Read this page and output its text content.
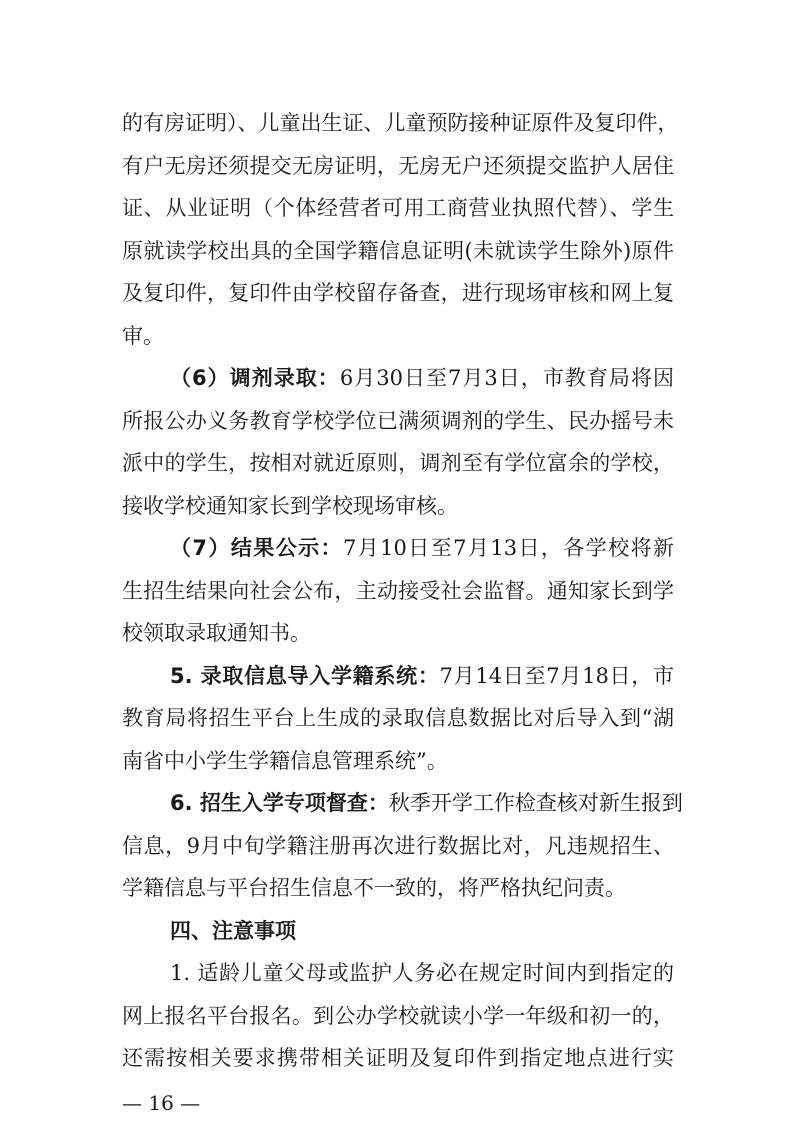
的有房证明）、儿童出生证、儿童预防接种证原件及复印件，
有户无房还须提交无房证明，无房无户还须提交监护人居住
证、从业证明（个体经营者可用工商营业执照代替）、学生
原就读学校出具的全国学籍信息证明(未就读学生除外)原件
及复印件，复印件由学校留存备查，进行现场审核和网上复
审。
（6）调剂录取：6月30日至7月3日，市教育局将因
所报公办义务教育学校学位已满须调剂的学生、民办摇号未
派中的学生，按相对就近原则，调剂至有学位富余的学校，
接收学校通知家长到学校现场审核。
（7）结果公示：7月10日至7月13日，各学校将新
生招生结果向社会公布，主动接受社会监督。通知家长到学
校领取录取通知书。
5. 录取信息导入学籍系统：7月14日至7月18日，市
教育局将招生平台上生成的录取信息数据比对后导入到“湖
南省中小学生学籍信息管理系统”。
6. 招生入学专项督查：秋季开学工作检查核对新生报到
信息，9月中旬学籍注册再次进行数据比对，凡违规招生、
学籍信息与平台招生信息不一致的，将严格执纪问责。
四、注意事项
1. 适龄儿童父母或监护人务必在规定时间内到指定的
网上报名平台报名。到公办学校就读小学一年级和初一的，
还需按相关要求携带相关证明及复印件到指定地点进行实
— 16 —
